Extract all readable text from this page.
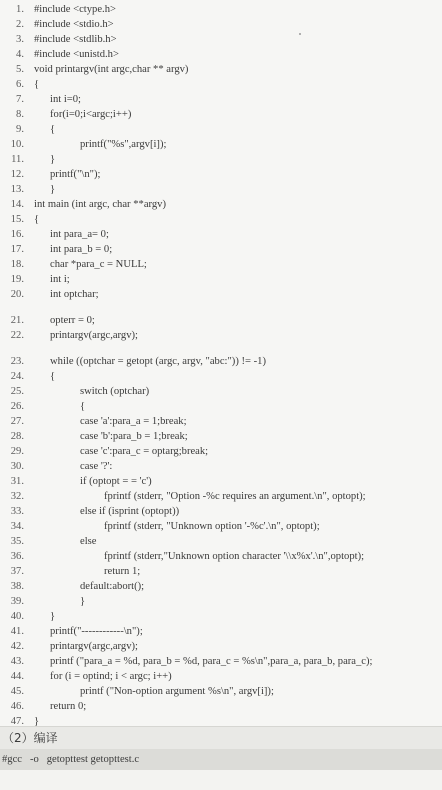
1. #include <ctype.h>
2. #include <stdio.h>
3. #include <stdlib.h>
4. #include <unistd.h>
5. void printargv(int argc,char ** argv)
6. {
7. int i=0;
8. for(i=0;i<argc;i++)
9. {
10.	printf("%s",argv[i]);
11. }
12. printf("\n");
13. }
14. int main (int argc, char **argv)
15. {
16. int para_a= 0;
17. int para_b = 0;
18. char *para_c = NULL;
19. int i;
20. int optchar;
21. opterr = 0;
22. printargv(argc,argv);
23. while ((optchar = getopt (argc, argv, "abc:")) != -1)
24. {
25.	switch (optchar)
26.	{
27.	case 'a':para_a = 1;break;
28.	case 'b':para_b = 1;break;
29.	case 'c':para_c = optarg;break;
30.	case '?':
31.	if (optopt = = 'c')
32.	fprintf (stderr, "Option -%c requires an argument.\n", optopt);
33.	else if (isprint (optopt))
34.	fprintf (stderr, "Unknown option '-%c'.\n", optopt);
35.	else
36.	fprintf (stderr,"Unknown option character '\\x%x'.\n",optopt);
37.	return 1;
38.	default:abort();
39.	}
40. }
41. printf("------------\n");
42. printargv(argc,argv);
43. printf ("para_a = %d, para_b = %d, para_c = %s\n",para_a, para_b, para_c);
44. for (i = optind; i < argc; i++)
45.	printf ("Non-option argument %s\n", argv[i]);
46. return 0;
47. }
（2）编译
#gcc   -o   getopttest getopttest.c
